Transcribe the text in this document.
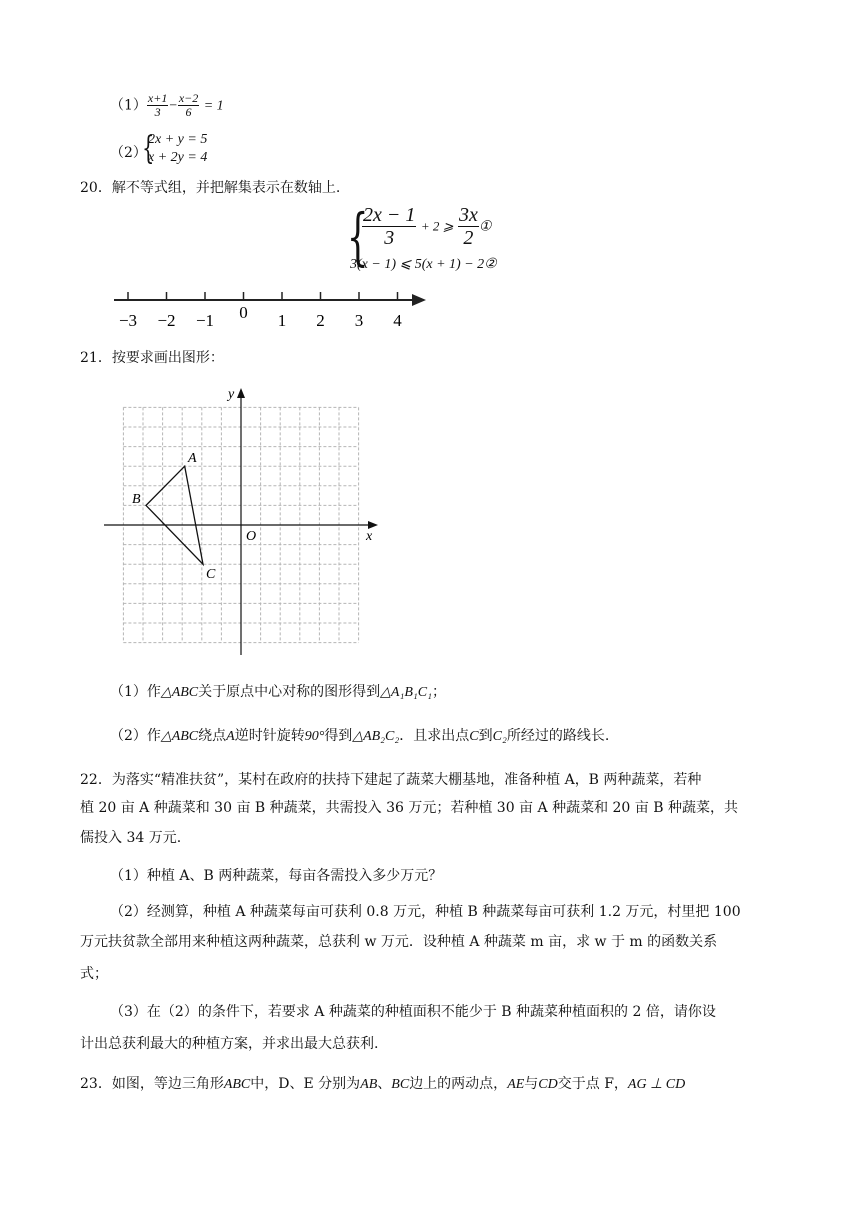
$(1) \frac{x+1}{3} - \frac{x-2}{6} = 1$
（2）
{
2x + y = 5
x + 2y = 4
20．解不等式组，并把解集表示在数轴上.
{
$\frac{2x - 1}{3} + 2$ ⩾ $\frac{3x}{2}$ ①
3(x − 1) ⩽ 5(x + 1) − 2②
−3 −2 −1 0 1 2 3 4
21．按要求画出图形：
A
B
C
O	x
y
（1）作△ABC关于原点中心对称的图形得到△A₁B₁C₁；
（2）作△ABC绕点A逆时针旋转90°得到△AB₂C₂．且求出点C到C₂所经过的路线长.
22．为落实“精准扶贫”，某村在政府的扶持下建起了蔬菜大棚基地，准备种植 A，B 两种蔬菜，若种
植 20 亩 A 种蔬菜和 30 亩 B 种蔬菜，共需投入 36 万元；若种植 30 亩 A 种蔬菜和 20 亩 B 种蔬菜，共
儒投入 34 万元.
（1）种植 A、B 两种蔬菜，每亩各需投入多少万元？
（2）经测算，种植 A 种蔬菜每亩可获利 0.8 万元，种植 B 种蔬菜每亩可获利 1.2 万元，村里把 100
万元扶贫款全部用来种植这两种蔬菜，总获利 w 万元．设种植 A 种蔬菜 m 亩，求 w 于 m 的函数关系
式；
（3）在（2）的条件下，若要求 A 种蔬菜的种植面积不能少于 B 种蔬菜种植面积的 2 倍，请你设
计出总获利最大的种植方案，并求出最大总获利.
23．如图，等边三角形ABC中，D、E 分别为AB、BC边上的两动点，AE与CD交于点 F，AG ⊥ CD
